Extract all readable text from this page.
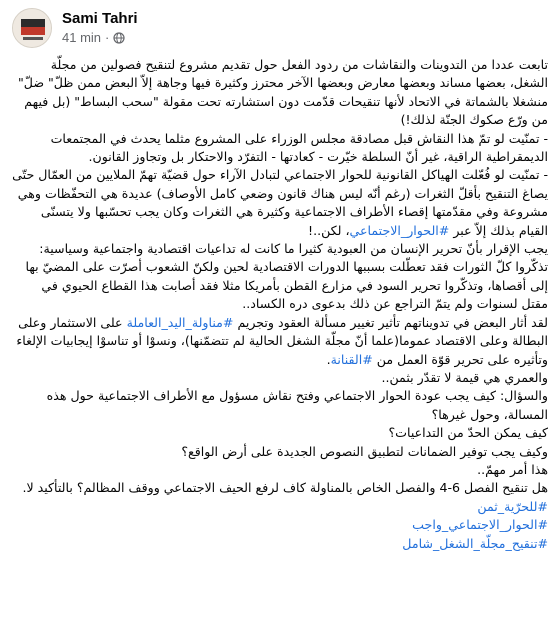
Sami Tahri
41 min ·

تابعت عددا من التدوينات والنقاشات من ردود الفعل حول تقديم مشروع لتنقيح فصولين من مجلّة الشغل، بعضها مساند وبعضها معارض وبعضها الآخر محترز وكثيرة فيها وجاهة إلاّ البعض ممن ظلّ" ضلّ" منشغلا بالشماتة في الاتحاد لأنها تنقيحات قدّمت دون استشارته تحت مقولة "سحب البساط" (بل فيهم من ورّع صكوك الجنّة لذلك!)

- تمنّيت لو تمّ هذا النقاش قبل مصادقة مجلس الوزراء على المشروع مثلما يحدث في المجتمعات الديمقراطية الراقية، غير أنّ السلطة خيّرت - كعادتها - التفرّد والاحتكار بل وتجاوز القانون.

- تمنّيت لو فُعّلت الهياكل القانونية للحوار الاجتماعي لتبادل الآراء حول قضيّة تهمّ الملايين من العمّال حتّى يصاغ التنقيح بأقلّ الثغرات (رغم أنّه ليس هناك قانون وضعي كامل الأوصاف) عديدة هي التحفّظات وهي مشروعة وفي مقدّمتها إقصاء الأطراف الاجتماعية وكثيرة هي الثغرات وكان يجب تحسّبها ولا يتسنّى القيام بذلك إلاّ عبر #الحوار_الاجتماعي، لكن..!

يجب الإقرار بأنّ تحرير الإنسان من العبودية كثيرا ما كانت له تداعيات اقتصادية واجتماعية وسياسية: تذكّروا كلّ الثورات فقد تعطّلت بسببها الدورات الاقتصادية لحين ولكنّ الشعوب أصرّت على المضيّ بها إلى أقصاها، وتذكّروا تحرير السود في مزارع القطن بأمريكا مثلا فقد أصابت هذا القطاع الحيوي في مقتل لسنوات ولم يتمّ التراجع عن ذلك بدعوى دره الكساد..

لقد أثار البعض في تدويناتهم تأثير تغيير مسألة العقود وتجريم #مناولة_اليد_العاملة على الاستثمار وعلى البطالة وعلى الاقتصاد عموما(علما أنّ مجلّة الشغل الحالية لم تتضمّنها)، ونسوْا أو تناسوْا إيجابيات الإلغاء وتأثيره على تحرير قوّة العمل من #القنانة.

والعمري هي قيمة لا تقدّر بثمن..

والسؤال: كيف يجب عودة الحوار الاجتماعي وفتح نقاش مسؤول مع الأطراف الاجتماعية حول هذه المسالة، وحول غيرها؟

كيف يمكن الحدّ من التداعيات؟

وكيف يجب توفير الضمانات لتطبيق النصوص الجديدة على أرض الواقع؟

هذا أمر مهمّ..

هل تنقيح الفصل 6-4 والفصل الخاص بالمناولة كاف لرفع الحيف الاجتماعي ووقف المظالم؟ بالتأكيد لا.

#للحرّية_ثمن
#الحوار_الاجتماعي_واجب
#تنقيح_مجلّة_الشغل_شامل
